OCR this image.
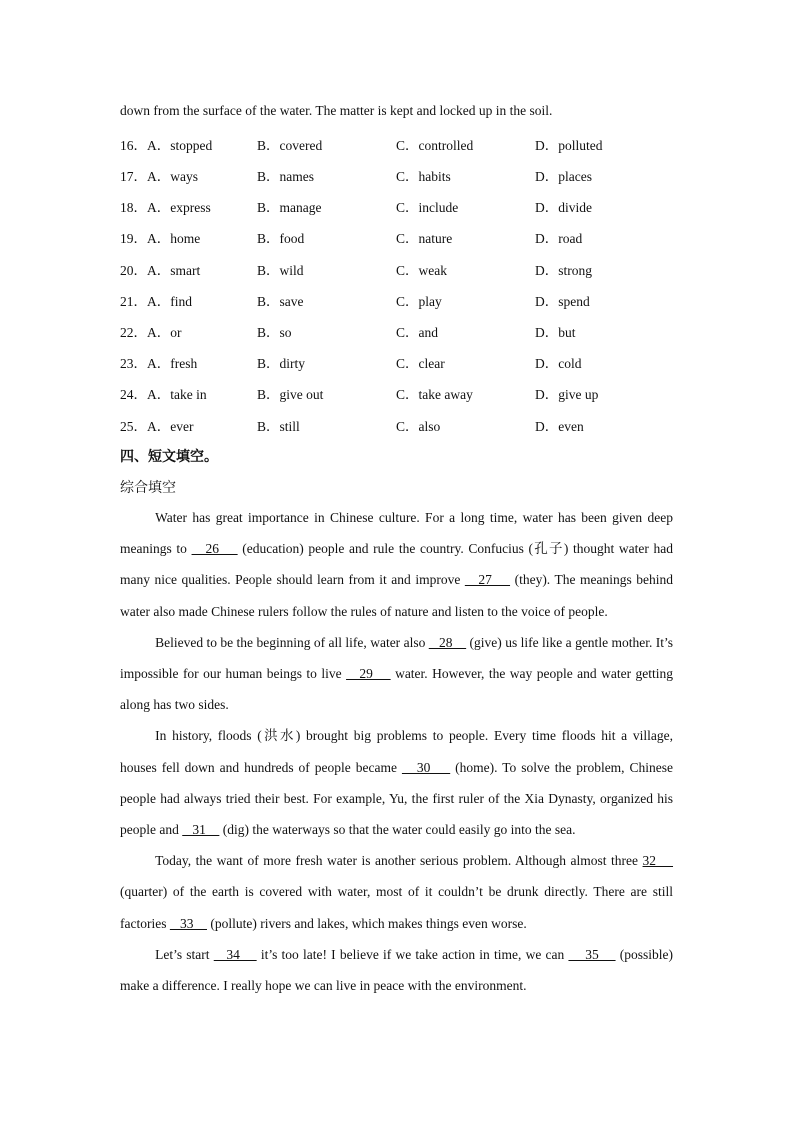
down from the surface of the water. The matter is kept and locked up in the soil.
16．A．stopped	B．covered	C．controlled	D．polluted
17．A．ways	B．names	C．habits	D．places
18．A．express	B．manage	C．include	D．divide
19．A．home	B．food	C．nature	D．road
20．A．smart	B．wild	C．weak	D．strong
21．A．find	B．save	C．play	D．spend
22．A．or	B．so	C．and	D．but
23．A．fresh	B．dirty	C．clear	D．cold
24．A．take in	B．give out	C．take away	D．give up
25．A．ever	B．still	C．also	D．even
四、短文填空。
综合填空

Water has great importance in Chinese culture. For a long time, water has been given deep meanings to    26     (education) people and rule the country. Confucius (孔子) thought water had many nice qualities. People should learn from it and improve    27     (they). The meanings behind water also made Chinese rulers follow the rules of nature and listen to the voice of people.

Believed to be the beginning of all life, water also    28     (give) us life like a gentle mother. It’s impossible for our human beings to live    29     water. However, the way people and water getting along has two sides.

In history, floods (洪水) brought big problems to people. Every time floods hit a village, houses fell down and hundreds of people became    30     (home). To solve the problem, Chinese people had always tried their best. For example, Yu, the first ruler of the Xia Dynasty, organized his people and    31     (dig) the waterways so that the water could easily go into the sea.

Today, the want of more fresh water is another serious problem. Although almost three 32     (quarter) of the earth is covered with water, most of it couldn’t be drunk directly. There are still factories    33     (pollute) rivers and lakes, which makes things even worse.

Let’s start    34     it’s too late! I believe if we take action in time, we can     35     (possible) make a difference. I really hope we can live in peace with the environment.
